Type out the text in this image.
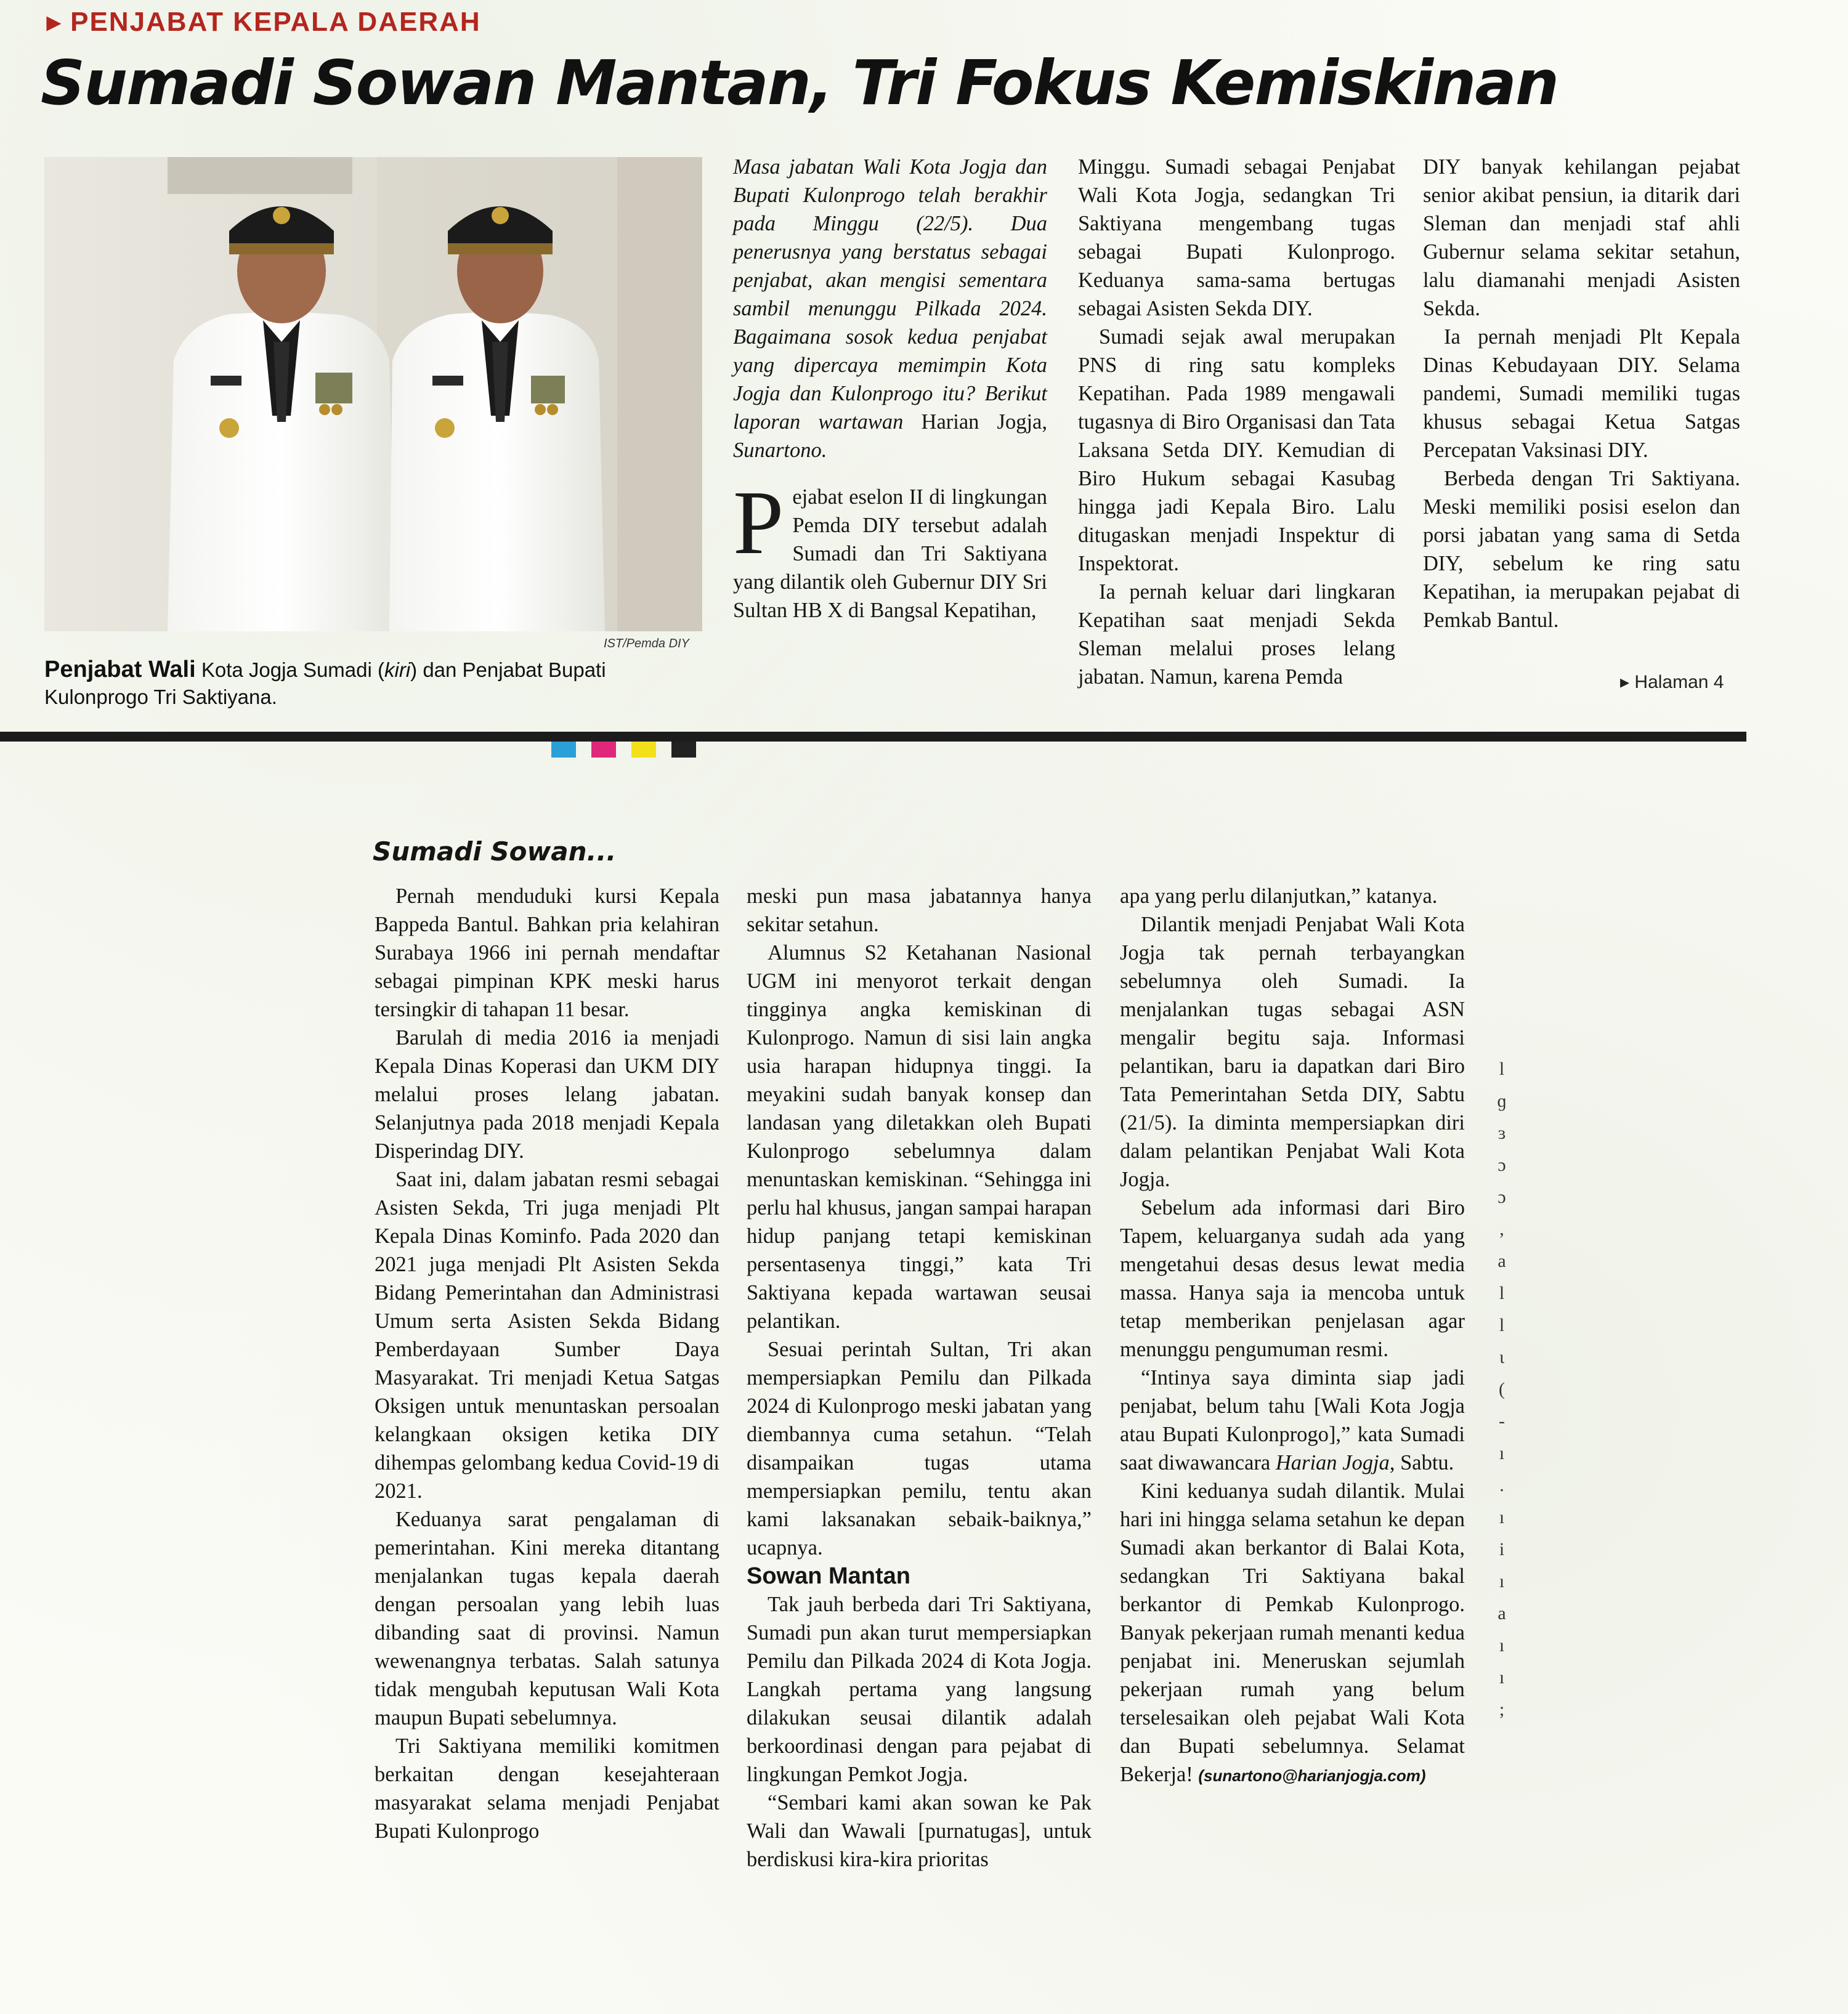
▸ PENJABAT KEPALA DAERAH
Sumadi Sowan Mantan, Tri Fokus Kemiskinan
IST/Pemda DIY
Penjabat Wali Kota Jogja Sumadi (kiri) dan Penjabat Bupati Kulonprogo Tri Saktiyana.

Masa jabatan Wali Kota Jogja dan Bupati Kulonprogo telah berakhir pada Minggu (22/5). Dua penerusnya yang berstatus sebagai penjabat, akan mengisi sementara sambil menunggu Pilkada 2024. Bagaimana sosok kedua penjabat yang dipercaya memimpin Kota Jogja dan Kulonprogo itu? Berikut laporan wartawan Harian Jogja, Sunartono.

Pejabat eselon II di lingkungan Pemda DIY tersebut adalah Sumadi dan Tri Saktiyana yang dilantik oleh Gubernur DIY Sri Sultan HB X di Bangsal Kepatihan,

Minggu. Sumadi sebagai Penjabat Wali Kota Jogja, sedangkan Tri Saktiyana mengembang tugas sebagai Bupati Kulonprogo. Keduanya sama-sama bertugas sebagai Asisten Sekda DIY.

Sumadi sejak awal merupakan PNS di ring satu kompleks Kepatihan. Pada 1989 mengawali tugasnya di Biro Organisasi dan Tata Laksana Setda DIY. Kemudian di Biro Hukum sebagai Kasubag hingga jadi Kepala Biro. Lalu ditugaskan menjadi Inspektur di Inspektorat.

Ia pernah keluar dari lingkaran Kepatihan saat menjadi Sekda Sleman melalui proses lelang jabatan. Namun, karena Pemda

DIY banyak kehilangan pejabat senior akibat pensiun, ia ditarik dari Sleman dan menjadi staf ahli Gubernur selama sekitar setahun, lalu diamanahi menjadi Asisten Sekda.

Ia pernah menjadi Plt Kepala Dinas Kebudayaan DIY. Selama pandemi, Sumadi memiliki tugas khusus sebagai Ketua Satgas Percepatan Vaksinasi DIY.

Berbeda dengan Tri Saktiyana. Meski memiliki posisi eselon dan porsi jabatan yang sama di Setda DIY, sebelum ke ring satu Kepatihan, ia merupakan pejabat di Pemkab Bantul.

▸ Halaman 4
Sumadi Sowan...

Pernah menduduki kursi Kepala Bappeda Bantul. Bahkan pria kelahiran Surabaya 1966 ini pernah mendaftar sebagai pimpinan KPK meski harus tersingkir di tahapan 11 besar.

Barulah di media 2016 ia menjadi Kepala Dinas Koperasi dan UKM DIY melalui proses lelang jabatan. Selanjutnya pada 2018 menjadi Kepala Disperindag DIY.

Saat ini, dalam jabatan resmi sebagai Asisten Sekda, Tri juga menjadi Plt Kepala Dinas Kominfo. Pada 2020 dan 2021 juga menjadi Plt Asisten Sekda Bidang Pemerintahan dan Administrasi Umum serta Asisten Sekda Bidang Pemberdayaan Sumber Daya Masyarakat. Tri menjadi Ketua Satgas Oksigen untuk menuntaskan persoalan kelangkaan oksigen ketika DIY dihempas gelombang kedua Covid-19 di 2021.

Keduanya sarat pengalaman di pemerintahan. Kini mereka ditantang menjalankan tugas kepala daerah dengan persoalan yang lebih luas dibanding saat di provinsi. Namun wewenangnya terbatas. Salah satunya tidak mengubah keputusan Wali Kota maupun Bupati sebelumnya.

Tri Saktiyana memiliki komitmen berkaitan dengan kesejahteraan masyarakat selama menjadi Penjabat Bupati Kulonprogo

meski pun masa jabatannya hanya sekitar setahun.

Alumnus S2 Ketahanan Nasional UGM ini menyorot terkait dengan tingginya angka kemiskinan di Kulonprogo. Namun di sisi lain angka usia harapan hidupnya tinggi. Ia meyakini sudah banyak konsep dan landasan yang diletakkan oleh Bupati Kulonprogo sebelumnya dalam menuntaskan kemiskinan. “Sehingga ini perlu hal khusus, jangan sampai harapan hidup panjang tetapi kemiskinan persentasenya tinggi,” kata Tri Saktiyana kepada wartawan seusai pelantikan.

Sesuai perintah Sultan, Tri akan mempersiapkan Pemilu dan Pilkada 2024 di Kulonprogo meski jabatan yang diembannya cuma setahun. “Telah disampaikan tugas utama mempersiapkan pemilu, tentu akan kami laksanakan sebaik-baiknya,” ucapnya.

Sowan Mantan

Tak jauh berbeda dari Tri Saktiyana, Sumadi pun akan turut mempersiapkan Pemilu dan Pilkada 2024 di Kota Jogja. Langkah pertama yang langsung dilakukan seusai dilantik adalah berkoordinasi dengan para pejabat di lingkungan Pemkot Jogja.

“Sembari kami akan sowan ke Pak Wali dan Wawali [purnatugas], untuk berdiskusi kira-kira prioritas

apa yang perlu dilanjutkan,” katanya.

Dilantik menjadi Penjabat Wali Kota Jogja tak pernah terbayangkan sebelumnya oleh Sumadi. Ia menjalankan tugas sebagai ASN mengalir begitu saja. Informasi pelantikan, baru ia dapatkan dari Biro Tata Pemerintahan Setda DIY, Sabtu (21/5). Ia diminta mempersiapkan diri dalam pelantikan Penjabat Wali Kota Jogja.

Sebelum ada informasi dari Biro Tapem, keluarganya sudah ada yang mengetahui desas desus lewat media massa. Hanya saja ia mencoba untuk tetap memberikan penjelasan agar menunggu pengumuman resmi.

“Intinya saya diminta siap jadi penjabat, belum tahu [Wali Kota Jogja atau Bupati Kulonprogo],” kata Sumadi saat diwawancara Harian Jogja, Sabtu.

Kini keduanya sudah dilantik. Mulai hari ini hingga selama setahun ke depan Sumadi akan berkantor di Balai Kota, sedangkan Tri Saktiyana bakal berkantor di Pemkab Kulonprogo. Banyak pekerjaan rumah menanti kedua penjabat ini. Meneruskan sejumlah pekerjaan rumah yang belum terselesaikan oleh pejabat Wali Kota dan Bupati sebelumnya. Selamat Bekerja! (sunartono@harianjogja.com)

l ɡ ɜ ɔ ɔ , a l l ɩ ( - ı . ı i ı a ı ı ;
